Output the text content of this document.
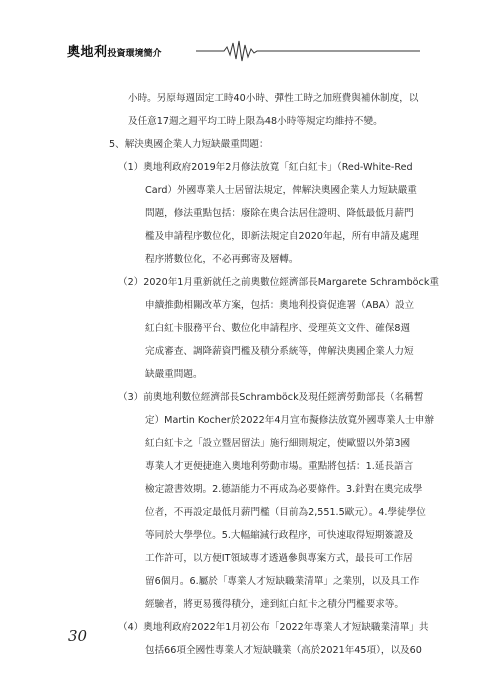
奧地利投資環境簡介
小時。另原每週固定工時40小時、彈性工時之加班費與補休制度，以
及任意17週之週平均工時上限為48小時等規定均維持不變。
5、解決奧國企業人力短缺嚴重問題：
（1）奧地利政府2019年2月修法放寬「紅白紅卡」（Red-White-Red
Card）外國專業人士居留法規定，俾解決奧國企業人力短缺嚴重
問題，修法重點包括：廢除在奧合法居住證明、降低最低月薪門
檻及申請程序數位化，即新法規定自2020年起，所有申請及處理
程序將數位化，不必再郵寄及層轉。
（2）2020年1月重新就任之前奧數位經濟部長Margarete Schramböck重
申續推動相關改革方案，包括：奧地利投資促進署（ABA）設立
紅白紅卡服務平台、數位化申請程序、受理英文文件、確保8週
完成審查、調降薪資門檻及積分系統等，俾解決奧國企業人力短
缺嚴重問題。
（3）前奧地利數位經濟部長Schramböck及現任經濟勞動部長（名稱暫
定）Martin Kocher於2022年4月宣布擬修法放寬外國專業人士申辦
紅白紅卡之「設立暨居留法」施行細則規定，使歐盟以外第3國
專業人才更便捷進入奧地利勞動市場。重點將包括：1.延長語言
檢定證書效期。2.德語能力不再成為必要條件。3.針對在奧完成學
位者，不再設定最低月薪門檻（目前為2,551.5歐元）。4.學徒學位
等同於大學學位。5.大幅縮減行政程序，可快速取得短期簽證及
工作許可，以方便IT領域專才透過參與專案方式，最長可工作居
留6個月。6.屬於「專業人才短缺職業清單」之業別，以及具工作
經驗者，將更易獲得積分，達到紅白紅卡之積分門檻要求等。
（4）奧地利政府2022年1月初公布「2022年專業人才短缺職業清單」共
包括66項全國性專業人才短缺職業（高於2021年45項），以及60
30
